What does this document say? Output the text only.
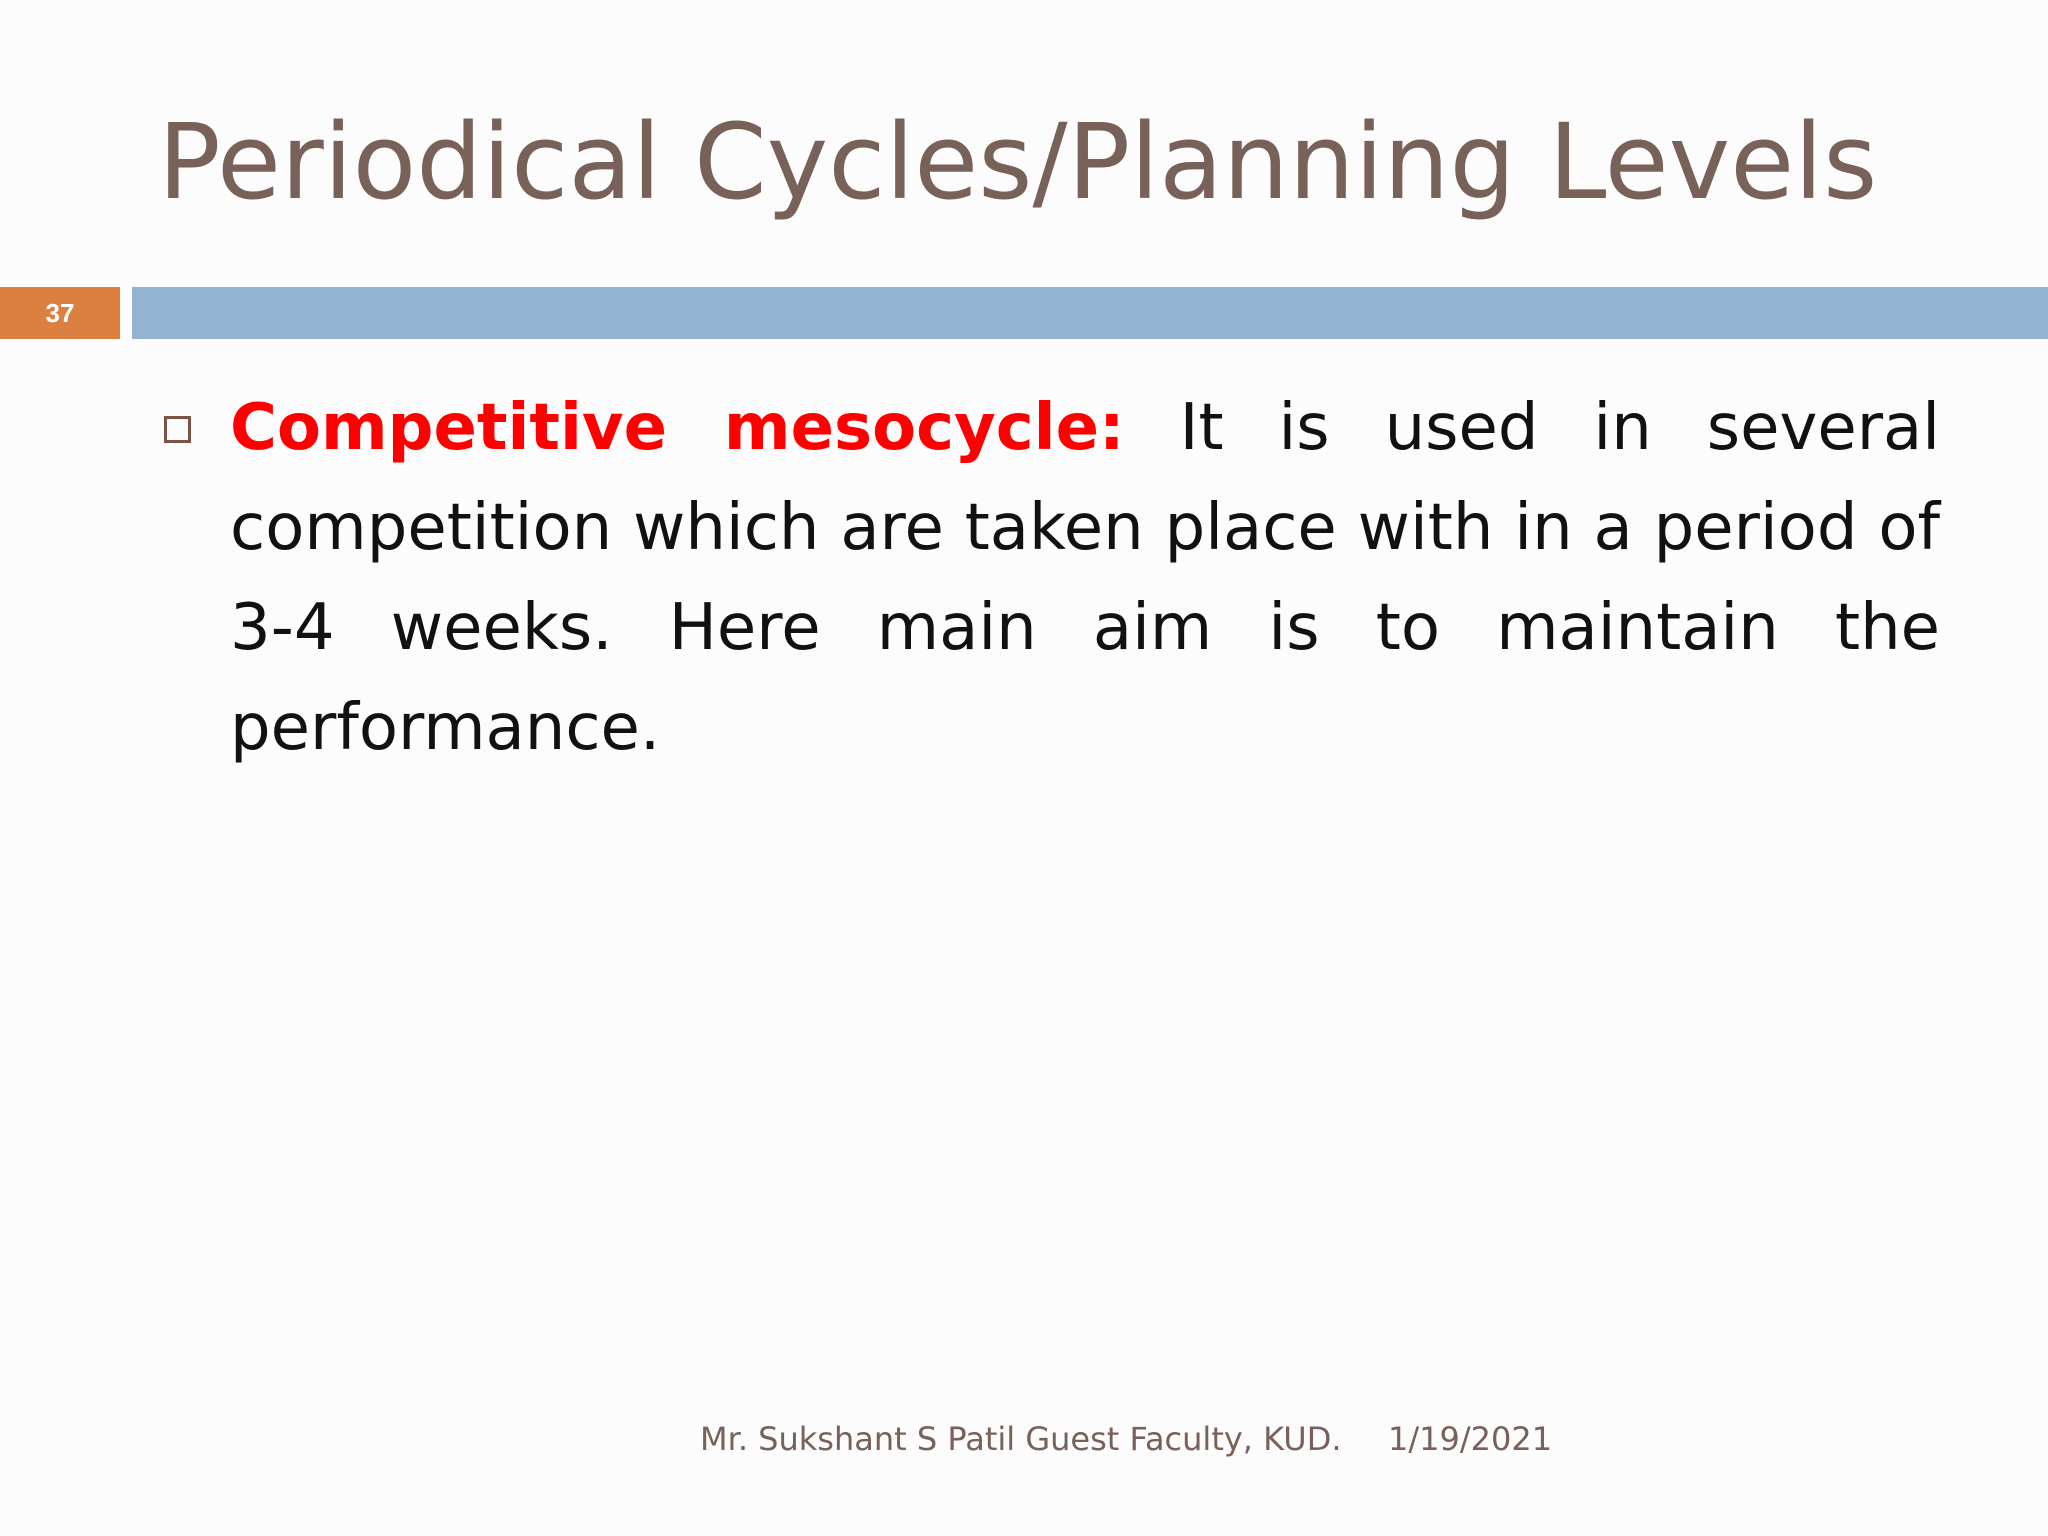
Periodical Cycles/Planning Levels
37
Competitive mesocycle: It is used in several competition which are taken place with in a period of 3-4 weeks. Here main aim is to maintain the performance.
Mr. Sukshant S Patil Guest Faculty, KUD. 1/19/2021
